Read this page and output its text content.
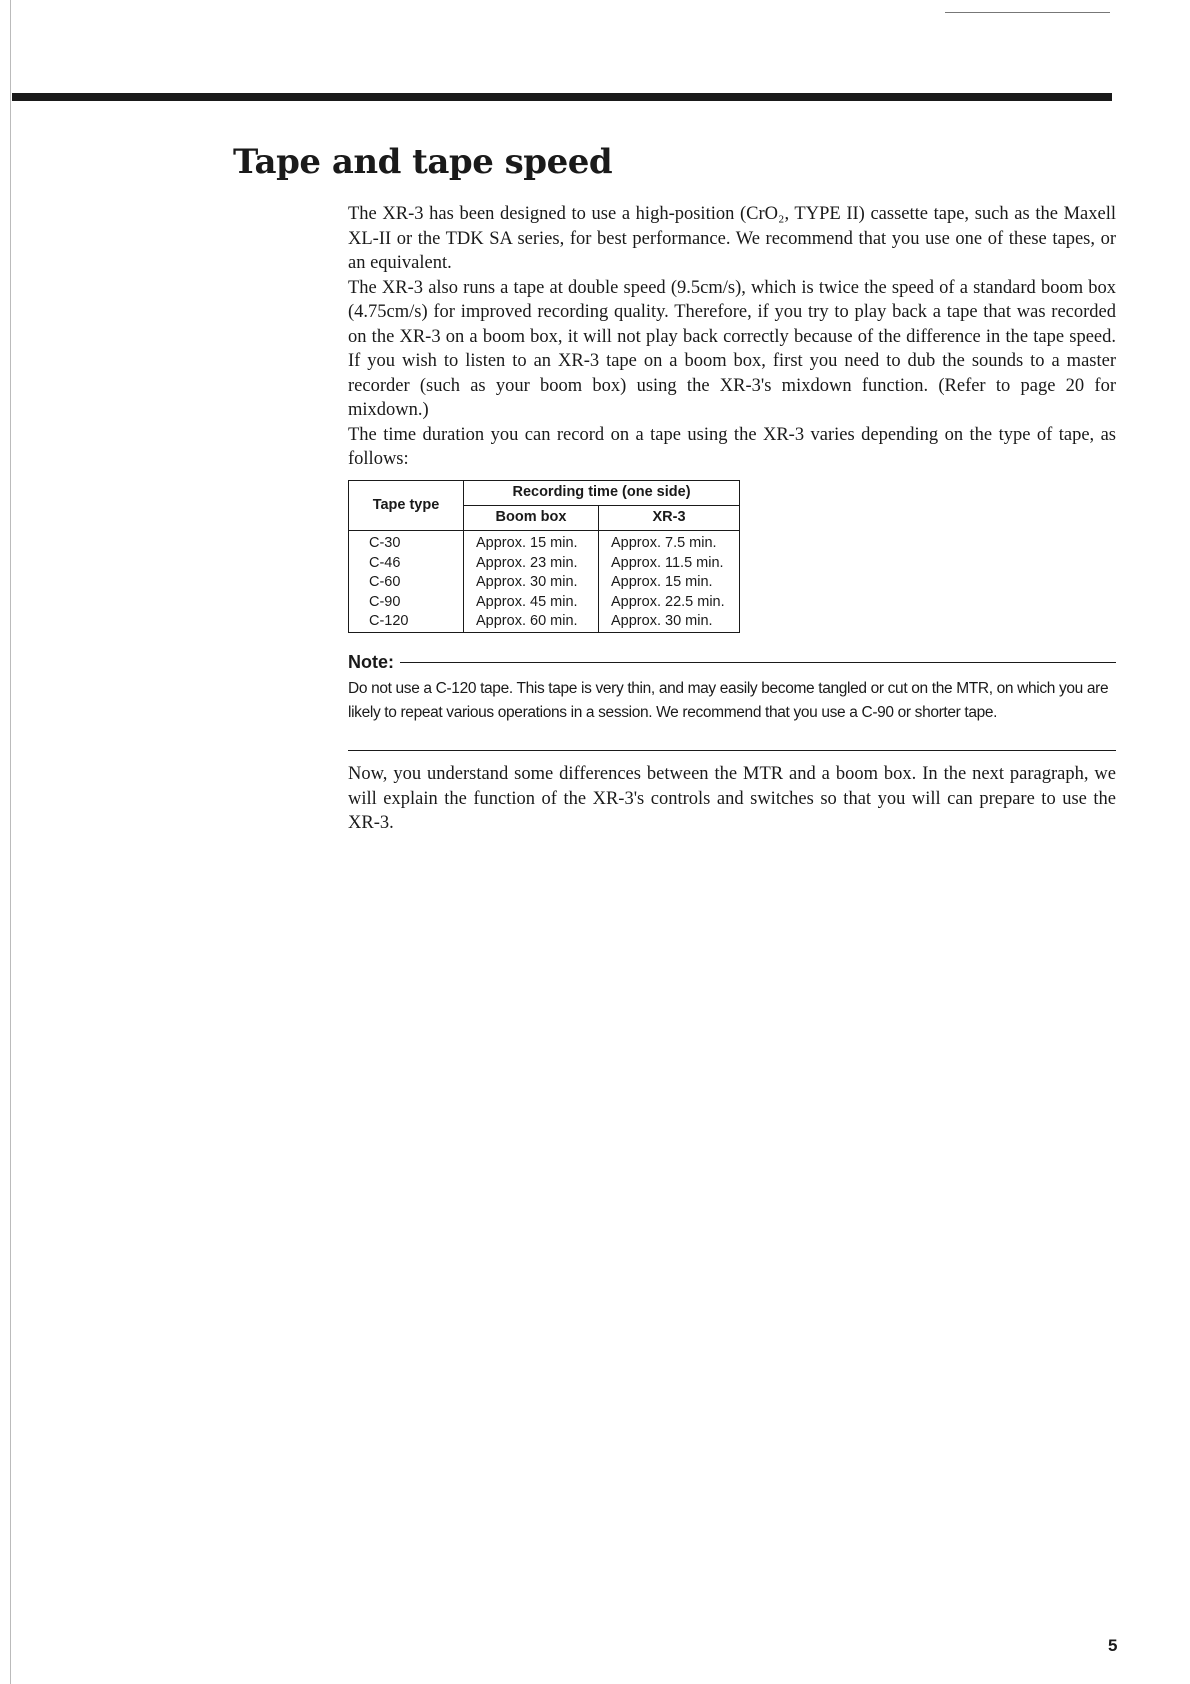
Tape and tape speed

The XR-3 has been designed to use a high-position (CrO₂, TYPE II) cassette tape, such as the Maxell XL-II or the TDK SA series, for best performance. We recommend that you use one of these tapes, or an equivalent.

The XR-3 also runs a tape at double speed (9.5cm/s), which is twice the speed of a standard boom box (4.75cm/s) for improved recording quality. Therefore, if you try to play back a tape that was recorded on the XR-3 on a boom box, it will not play back correctly because of the difference in the tape speed. If you wish to listen to an XR-3 tape on a boom box, first you need to dub the sounds to a master recorder (such as your boom box) using the XR-3's mixdown function. (Refer to page 20 for mixdown.)

The time duration you can record on a tape using the XR-3 varies depending on the type of tape, as follows:

Tape type	Recording time (one side)	
	Boom box	XR-3
C-30	Approx. 15 min.	Approx. 7.5 min.
C-46	Approx. 23 min.	Approx. 11.5 min.
C-60	Approx. 30 min.	Approx. 15 min.
C-90	Approx. 45 min.	Approx. 22.5 min.
C-120	Approx. 60 min.	Approx. 30 min.
Note:

Do not use a C-120 tape. This tape is very thin, and may easily become tangled or cut on the MTR, on which you are likely to repeat various operations in a session. We recommend that you use a C-90 or shorter tape.

Now, you understand some differences between the MTR and a boom box. In the next paragraph, we will explain the function of the XR-3's controls and switches so that you will can prepare to use the XR-3.

5
